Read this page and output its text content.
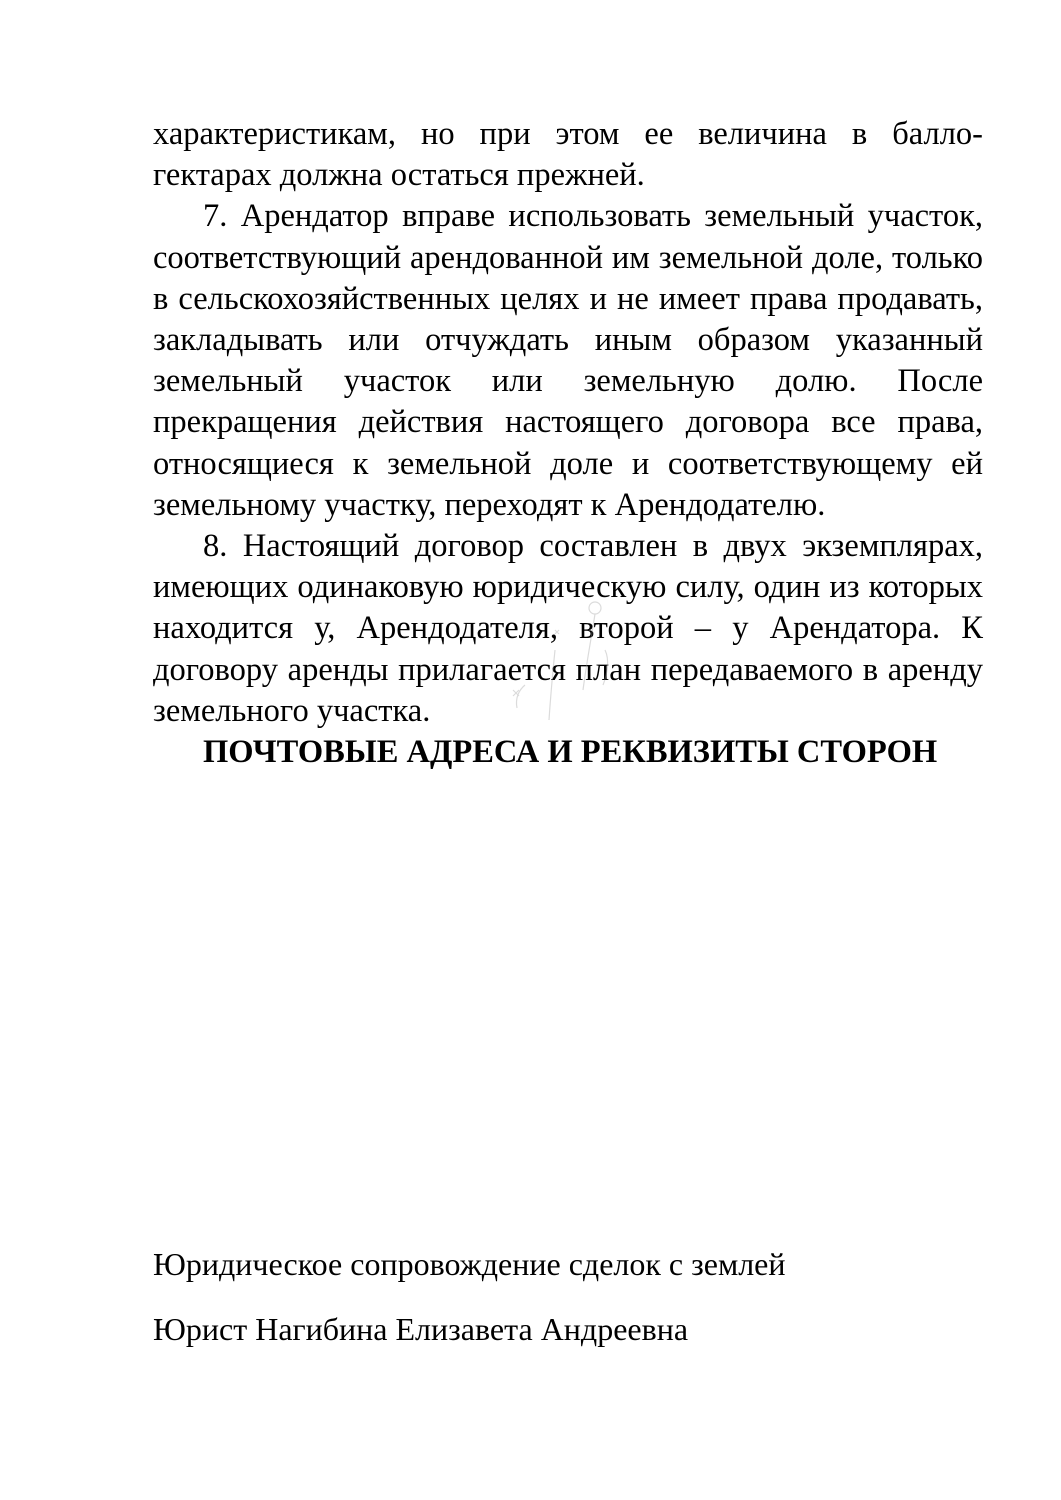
характеристикам, но при этом ее величина в балло-гектарах должна остаться прежней.

7. Арендатор вправе использовать земельный участок, соответствующий арендованной им земельной доле, только в сельскохозяйственных целях и не имеет права продавать, закладывать или отчуждать иным образом указанный земельный участок или земельную долю. После прекращения действия настоящего договора все права, относящиеся к земельной доле и соответствующему ей земельному участку, переходят к Арендодателю.

8. Настоящий договор составлен в двух экземплярах, имеющих одинаковую юридическую силу, один из которых находится у, Арендодателя, второй – у Арендатора. К договору аренды прилагается план передаваемого в аренду земельного участка.

ПОЧТОВЫЕ АДРЕСА И РЕКВИЗИТЫ СТОРОН

Юридическое сопровождение сделок с землей
Юрист Нагибина Елизавета Андреевна
